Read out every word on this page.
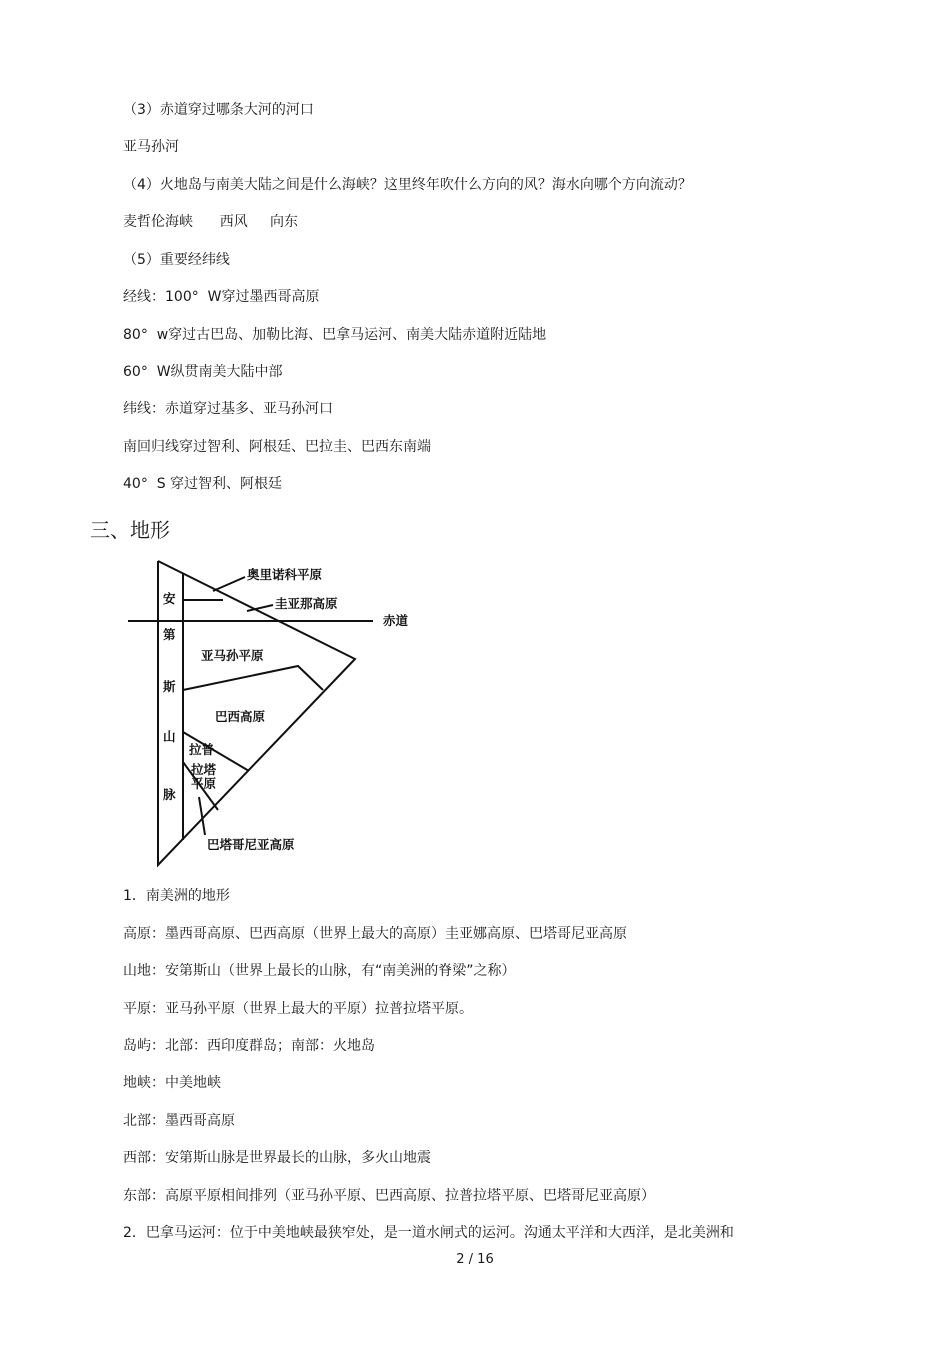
（3）赤道穿过哪条大河的河口
亚马孙河
（4）火地岛与南美大陆之间是什么海峡？这里终年吹什么方向的风？海水向哪个方向流动？
麦哲伦海峡      西风     向东
（5）重要经纬线
经线：100°  W穿过墨西哥高原
80°  w穿过古巴岛、加勒比海、巴拿马运河、南美大陆赤道附近陆地
60°  W纵贯南美大陆中部
纬线：赤道穿过基多、亚马孙河口
南回归线穿过智利、阿根廷、巴拉圭、巴西东南端
40°  S 穿过智利、阿根廷
三、地形
奥里诺科平原
圭亚那高原
赤道
亚马孙平原
巴西高原
拉普
拉塔
平原
巴塔哥尼亚高原
安
第
斯
山
脉
1．南美洲的地形
高原：墨西哥高原、巴西高原（世界上最大的高原）圭亚娜高原、巴塔哥尼亚高原
山地：安第斯山（世界上最长的山脉，有“南美洲的脊梁”之称）
平原：亚马孙平原（世界上最大的平原）拉普拉塔平原。
岛屿：北部：西印度群岛；南部：火地岛
地峡：中美地峡
北部：墨西哥高原
西部：安第斯山脉是世界最长的山脉，多火山地震
东部：高原平原相间排列（亚马孙平原、巴西高原、拉普拉塔平原、巴塔哥尼亚高原）
2．巴拿马运河：位于中美地峡最狭窄处，是一道水闸式的运河。沟通太平洋和大西洋，是北美洲和
2 / 16
